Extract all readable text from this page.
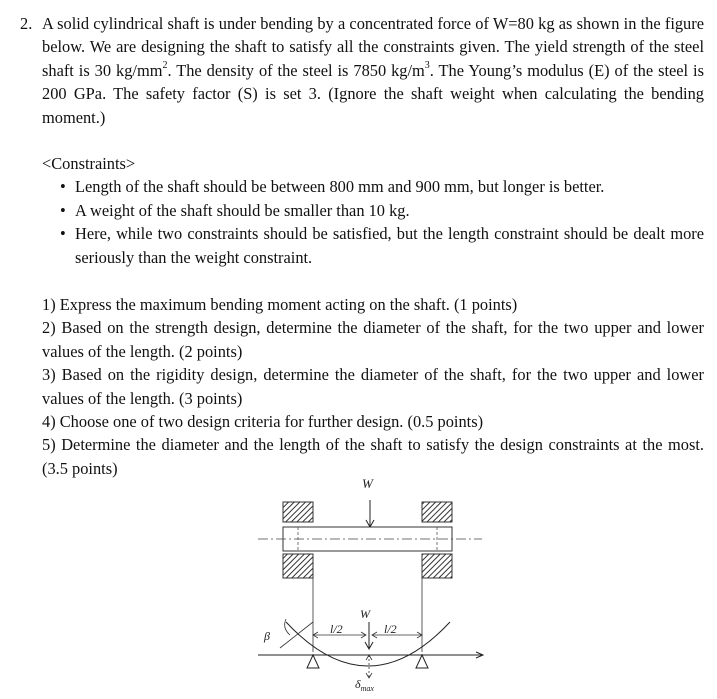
2. A solid cylindrical shaft is under bending by a concentrated force of W=80 kg as shown in the figure below. We are designing the shaft to satisfy all the constraints given. The yield strength of the steel shaft is 30 $kg/mm^2$. The density of the steel is 7850 $kg/m^3$. The Young’s modulus (E) of the steel is 200 GPa. The safety factor (S) is set 3. (Ignore the shaft weight when calculating the bending moment.)
<Constraints>
• Length of the shaft should be between 800 mm and 900 mm, but longer is better.
• A weight of the shaft should be smaller than 10 kg.
• Here, while two constraints should be satisfied, but the length constraint should be dealt more seriously than the weight constraint.
1) Express the maximum bending moment acting on the shaft. (1 points)
2) Based on the strength design, determine the diameter of the shaft, for the two upper and lower values of the length. (2 points)
3) Based on the rigidity design, determine the diameter of the shaft, for the two upper and lower values of the length. (3 points)
4) Choose one of two design criteria for further design. (0.5 points)
5) Determine the diameter and the length of the shaft to satisfy the design constraints at the most. (3.5 points)
W
W
l/2	l/2
β
$\delta_{max}$
